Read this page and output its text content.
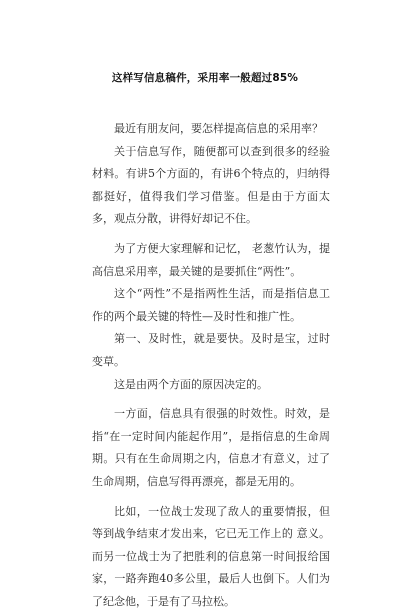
这样写信息稿件，采用率一般超过85%

最近有朋友问，要怎样提高信息的采用率？

关于信息写作，随便都可以查到很多的经验材料。有讲5个方面的，有讲6个特点的，归纳得都挺好，值得我们学习借鉴。但是由于方面太多，观点分散，讲得好却记不住。

为了方便大家理解和记忆， 老葱竹认为，提高信息采用率，最关键的是要抓住“两性”。

这个“两性”不是指两性生活，而是指信息工作的两个最关键的特性—及时性和推广性。

第一、及时性，就是要快。及时是宝，过时变草。

这是由两个方面的原因决定的。

一方面，信息具有很强的时效性。时效，是指“在一定时间内能起作用”，是指信息的生命周期。只有在生命周期之内，信息才有意义，过了生命周期，信息写得再漂亮，都是无用的。

比如，一位战士发现了敌人的重要情报，但等到战争结束才发出来，它已无工作上的 意义。而另一位战士为了把胜利的信息第一时间报给国家，一路奔跑40多公里，最后人也倒下。人们为了纪念他，于是有了马拉松。
